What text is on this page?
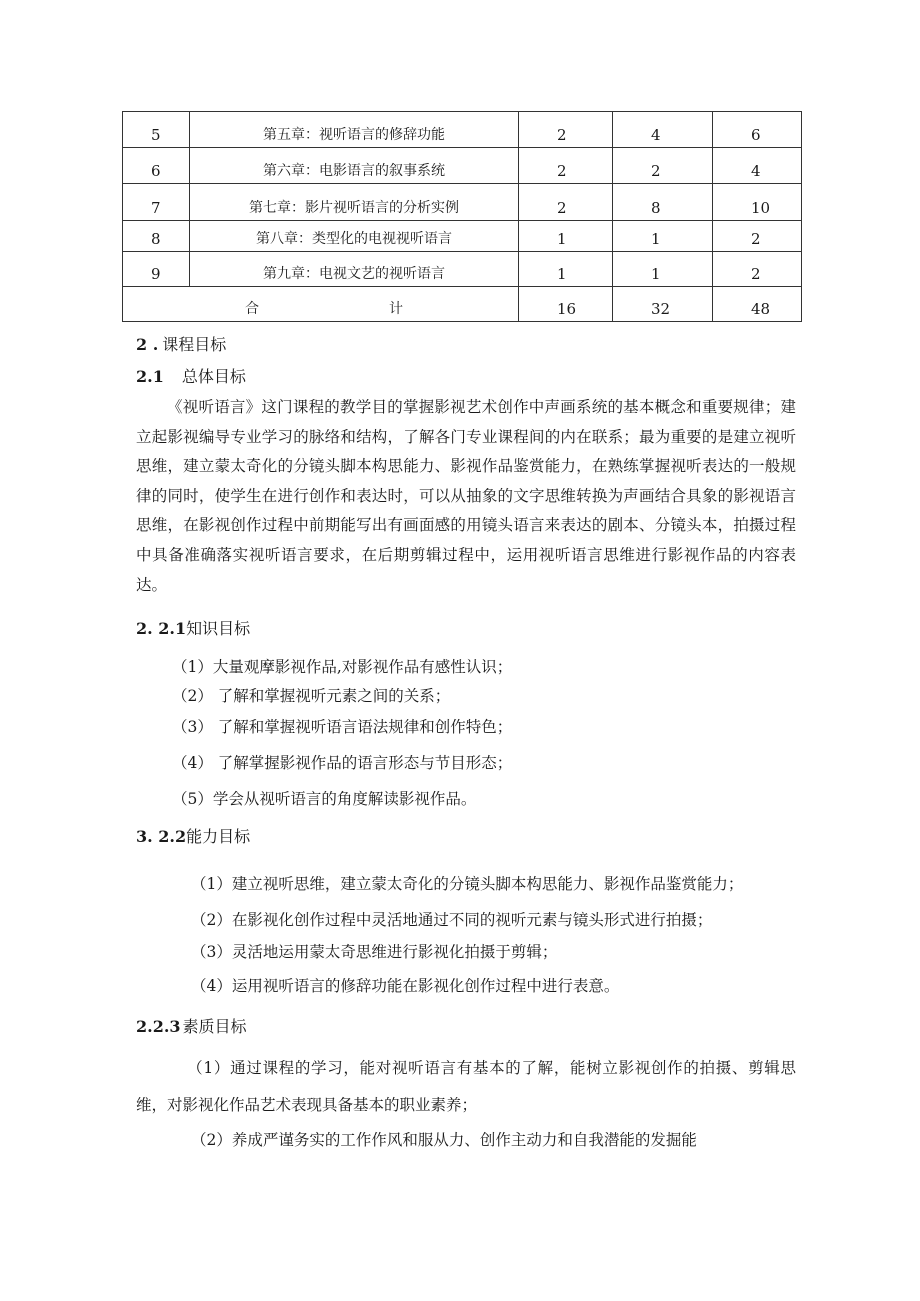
5	第五章：视听语言的修辞功能	2	4	6
6	第六章：电影语言的叙事系统	2	2	4
7	第七章：影片视听语言的分析实例	2	8	10
8	第八章：类型化的电视视听语言	1	1	2
9	第九章：电视文艺的视听语言	1	1	2
合 计		16	32	48
2 . 课程目标
2.1 总体目标
《视听语言》这门课程的教学目的掌握影视艺术创作中声画系统的基本概念和重要规律；建立起影视编导专业学习的脉络和结构，了解各门专业课程间的内在联系；最为重要的是建立视听思维，建立蒙太奇化的分镜头脚本构思能力、影视作品鉴赏能力，在熟练掌握视听表达的一般规律的同时，使学生在进行创作和表达时，可以从抽象的文字思维转换为声画结合具象的影视语言思维，在影视创作过程中前期能写出有画面感的用镜头语言来表达的剧本、分镜头本，拍摄过程中具备准确落实视听语言要求，在后期剪辑过程中，运用视听语言思维进行影视作品的内容表达。
2. 2.1知识目标
（1）大量观摩影视作品,对影视作品有感性认识；
（2） 了解和掌握视听元素之间的关系；
（3） 了解和掌握视听语言语法规律和创作特色；
（4） 了解掌握影视作品的语言形态与节目形态；
（5）学会从视听语言的角度解读影视作品。
3. 2.2能力目标
（1）建立视听思维，建立蒙太奇化的分镜头脚本构思能力、影视作品鉴赏能力；
（2）在影视化创作过程中灵活地通过不同的视听元素与镜头形式进行拍摄；
（3）灵活地运用蒙太奇思维进行影视化拍摄于剪辑；
（4）运用视听语言的修辞功能在影视化创作过程中进行表意。
2.2.3 素质目标
（1）通过课程的学习，能对视听语言有基本的了解，能树立影视创作的拍摄、剪辑思维，对影视化作品艺术表现具备基本的职业素养；
（2）养成严谨务实的工作作风和服从力、创作主动力和自我潜能的发掘能
